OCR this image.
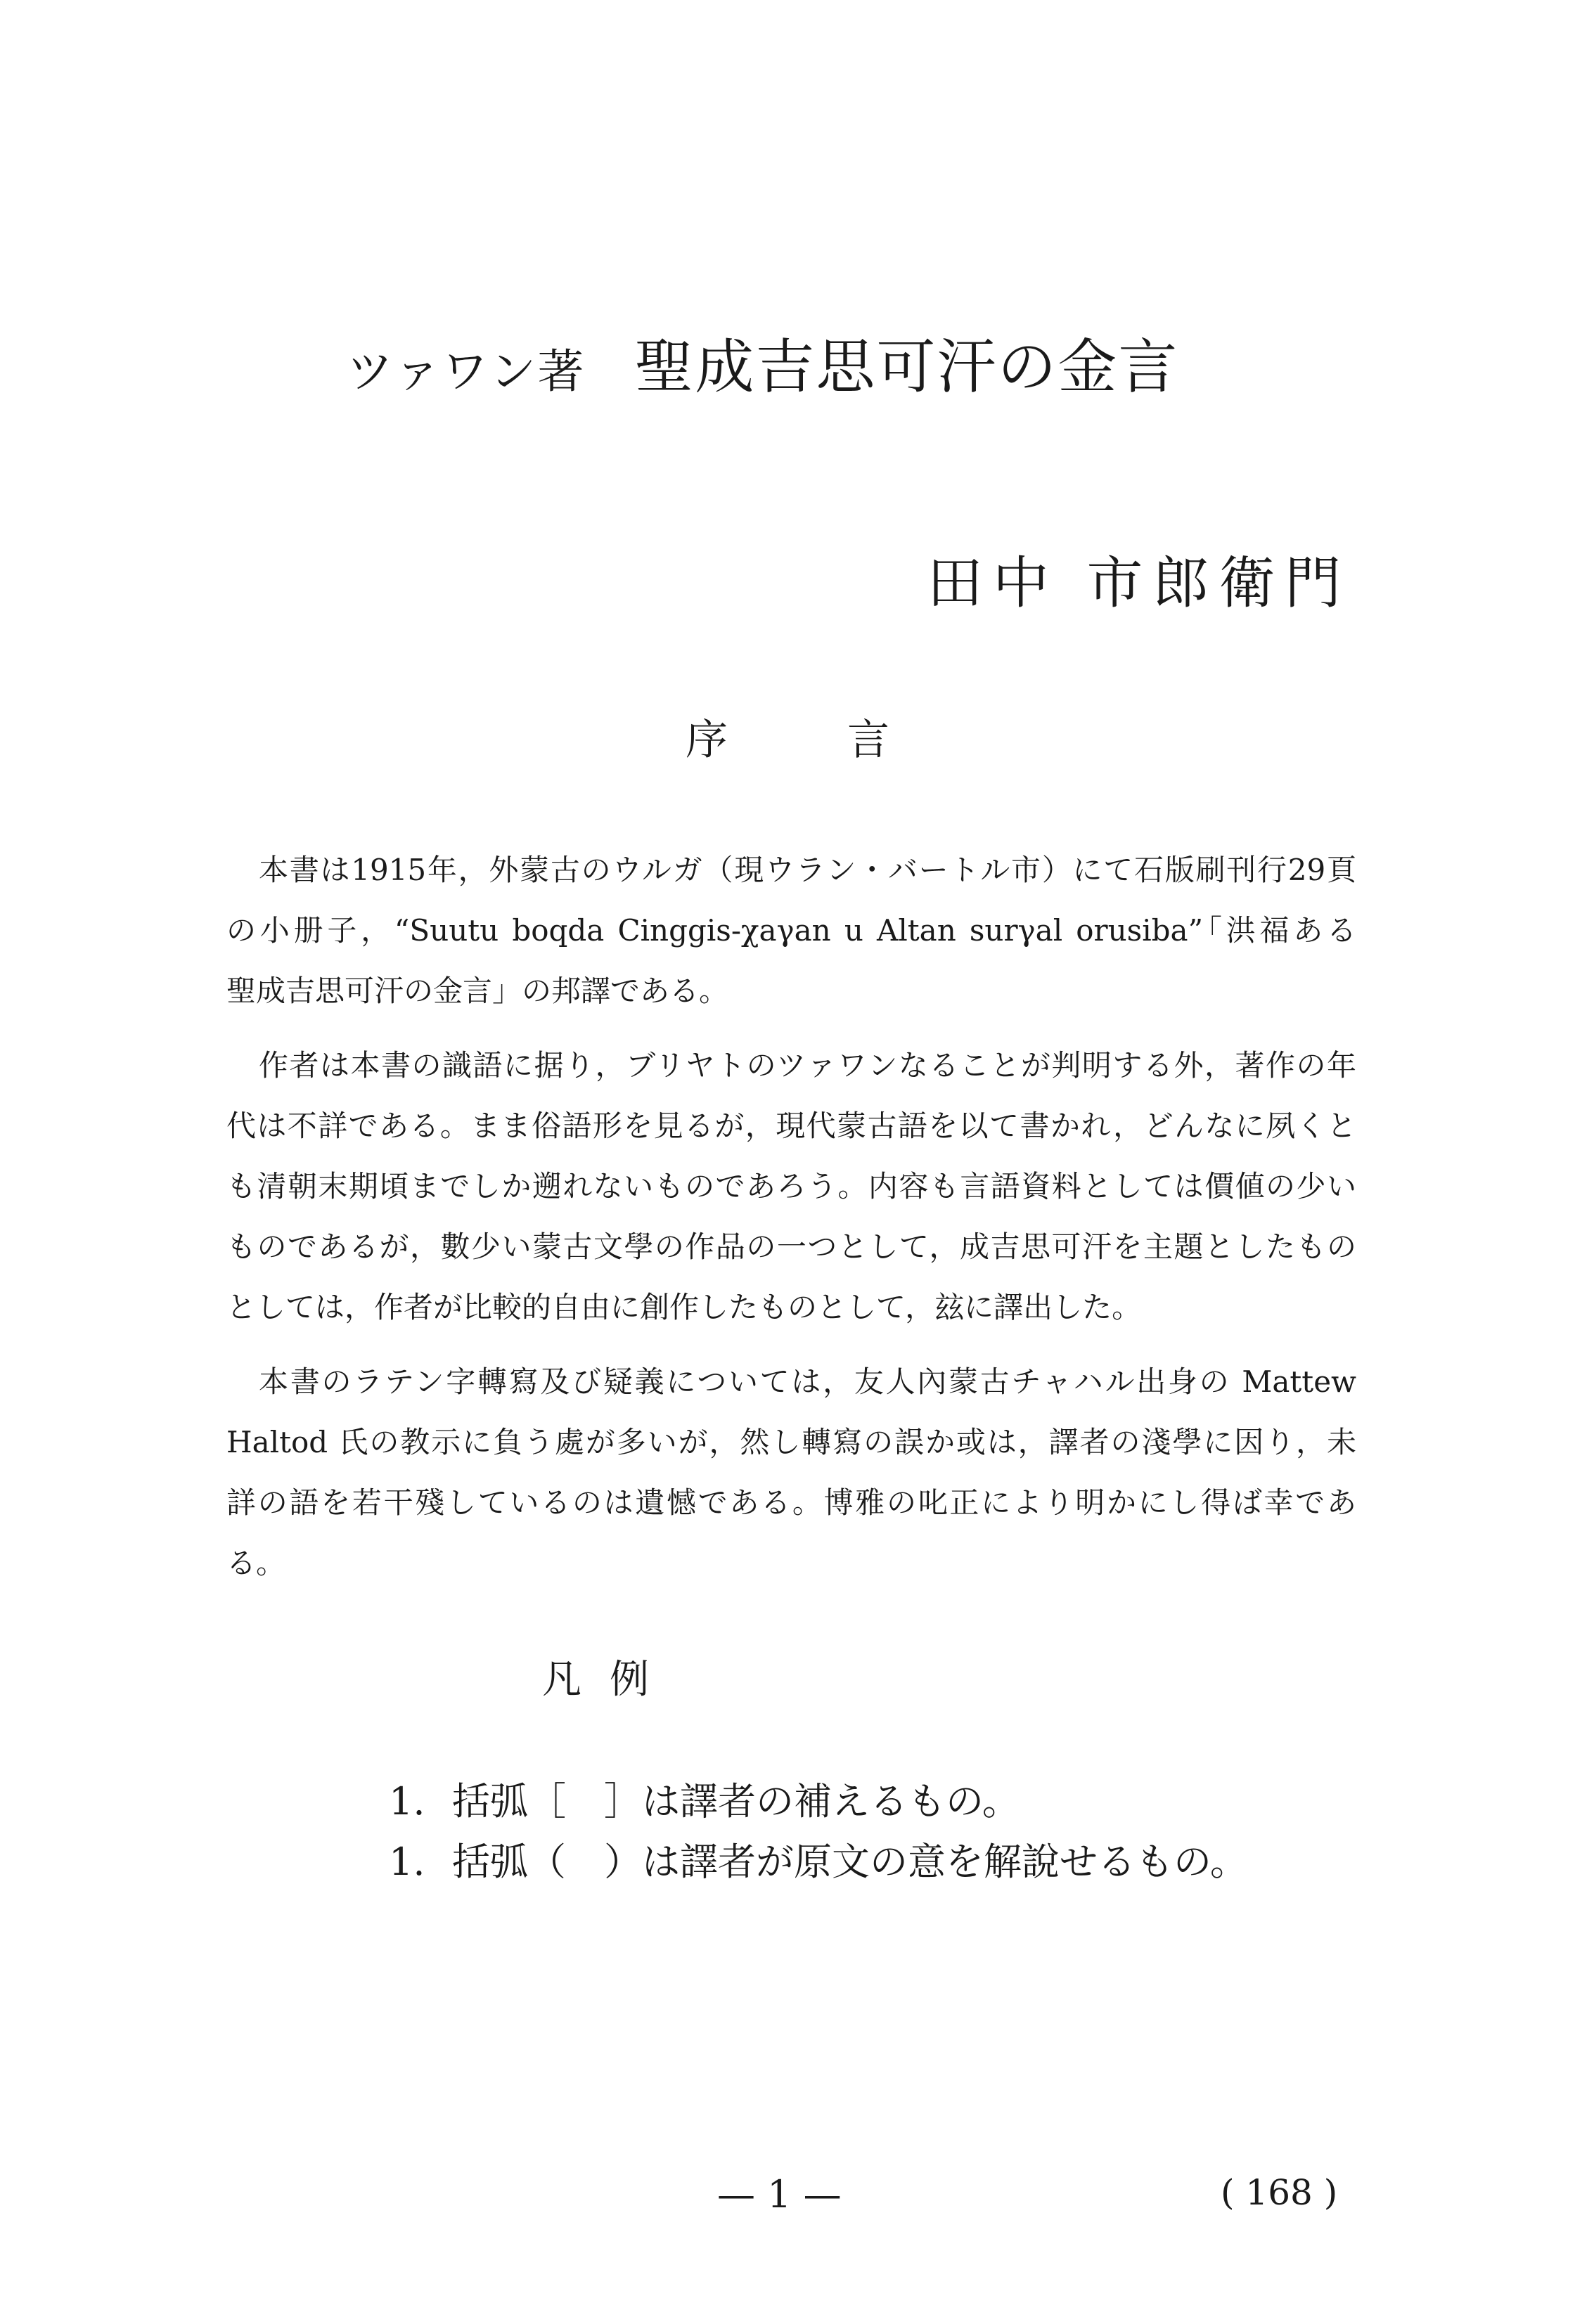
ツァワン著 聖成吉思可汗の金言
田中 市郎衛門
序言
本書は1915年，外蒙古のウルガ（現ウラン・バートル市）にて石版刷刊行29頁
の小册子，“Suutu boqda Cinggis-χaγan u Altan surγal orusiba”「洪福ある
聖成吉思可汗の金言」の邦譯である。
作者は本書の識語に据り，ブリヤトのツァワンなることが判明する外，著作の年
代は不詳である。まま俗語形を見るが，現代蒙古語を以て書かれ，どんなに夙くと
も清朝末期頃までしか遡れないものであろう。内容も言語資料としては價値の少い
ものであるが，數少い蒙古文學の作品の一つとして，成吉思可汗を主題としたもの
としては，作者が比較的自由に創作したものとして，玆に譯出した。
本書のラテン字轉寫及び疑義については，友人內蒙古チャハル出身の Mattew
Haltod 氏の教示に負う處が多いが，然し轉寫の誤か或は，譯者の淺學に因り，未
詳の語を若干殘しているのは遺憾である。博雅の叱正により明かにし得ば幸であ
る。
凡例
1. 括弧［　］は譯者の補えるもの。
1. 括弧（　）は譯者が原文の意を解說せるもの。
— 1 —	( 168 )
